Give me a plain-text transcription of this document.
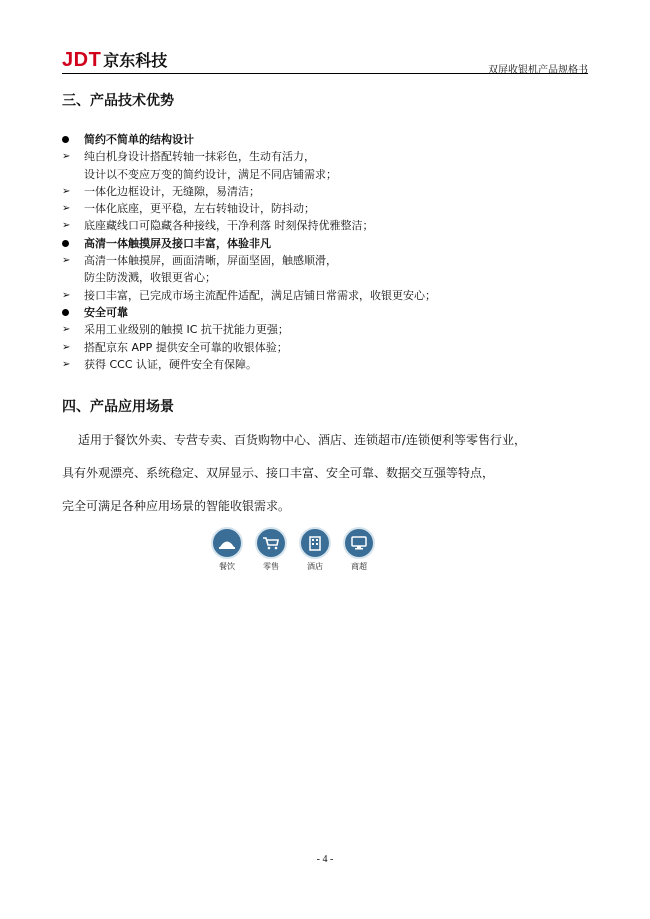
JDT 京东科技
双屏收银机产品规格书
三、产品技术优势
简约不简单的结构设计
➢	纯白机身设计搭配转轴一抹彩色，生动有活力，
设计以不变应万变的简约设计，满足不同店铺需求；
➢	一体化边框设计，无缝隙，易清洁；
➢	一体化底座，更平稳，左右转轴设计，防抖动；
➢	底座藏线口可隐藏各种接线，干净利落 时刻保持优雅整洁；
高清一体触摸屏及接口丰富，体验非凡
➢	高清一体触摸屏，画面清晰，屏面坚固，触感顺滑，
防尘防泼溅，收银更省心；
➢	接口丰富，已完成市场主流配件适配，满足店铺日常需求，收银更安心；
安全可靠
➢	采用工业级别的触摸 IC 抗干扰能力更强；
➢	搭配京东 APP 提供安全可靠的收银体验；
➢	获得 CCC 认证，硬件安全有保障。
四、产品应用场景
适用于餐饮外卖、专营专卖、百货购物中心、酒店、连锁超市/连锁便利等零售行业，
具有外观漂亮、系统稳定、双屏显示、接口丰富、安全可靠、数据交互强等特点，
完全可满足各种应用场景的智能收银需求。
餐饮	零售	酒店	商超
- 4 -
